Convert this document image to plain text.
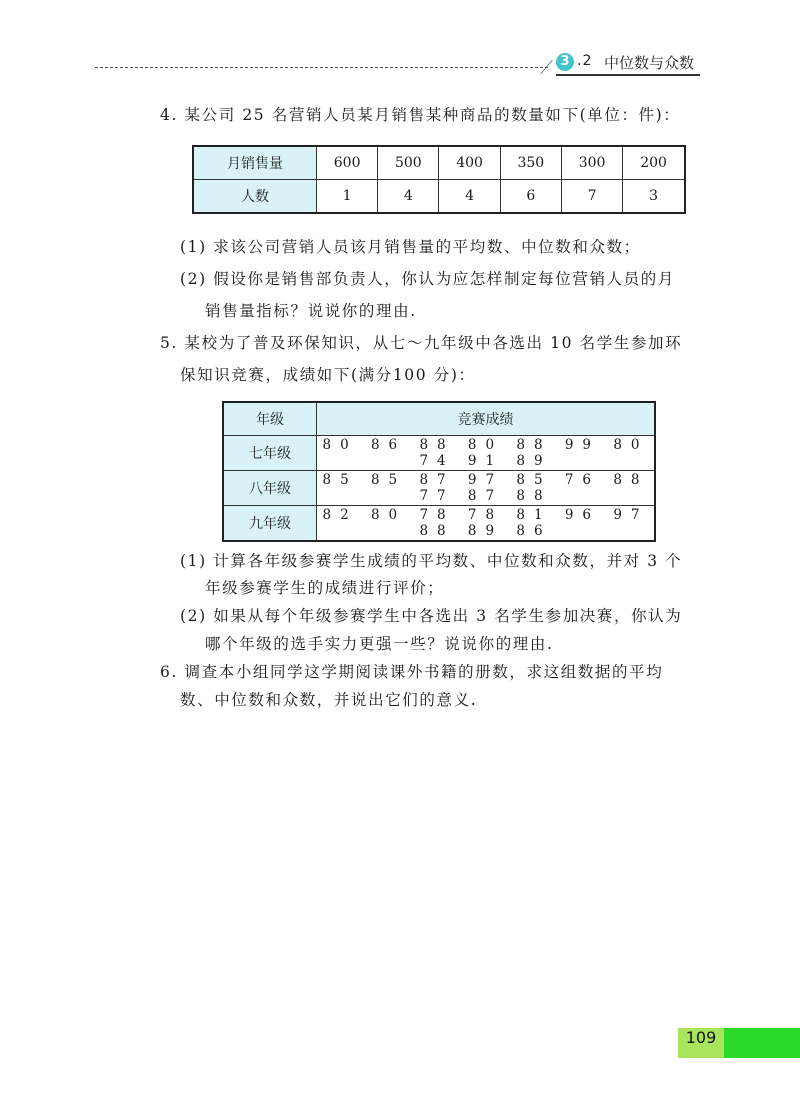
3 .2 中位数与众数
4. 某公司 25 名营销人员某月销售某种商品的数量如下(单位：件)：
月销售量	600	500	400	350	300	200
人数	1	4	4	6	7	3
(1) 求该公司营销人员该月销售量的平均数、中位数和众数；
(2) 假设你是销售部负责人，你认为应怎样制定每位营销人员的月
销售量指标？说说你的理由.
5. 某校为了普及环保知识，从七～九年级中各选出 10 名学生参加环
保知识竞赛，成绩如下(满分100 分)：
年级	竞赛成绩
七年级	80 86 88 80 88 99 80 74 91 89
八年级	85 85 87 97 85 76 88 77 87 88
九年级	82 80 78 78 81 96 97 88 89 86
(1) 计算各年级参赛学生成绩的平均数、中位数和众数，并对 3 个
年级参赛学生的成绩进行评价；
(2) 如果从每个年级参赛学生中各选出 3 名学生参加决赛，你认为
哪个年级的选手实力更强一些？说说你的理由.
6. 调查本小组同学这学期阅读课外书籍的册数，求这组数据的平均
数、中位数和众数，并说出它们的意义.
109
